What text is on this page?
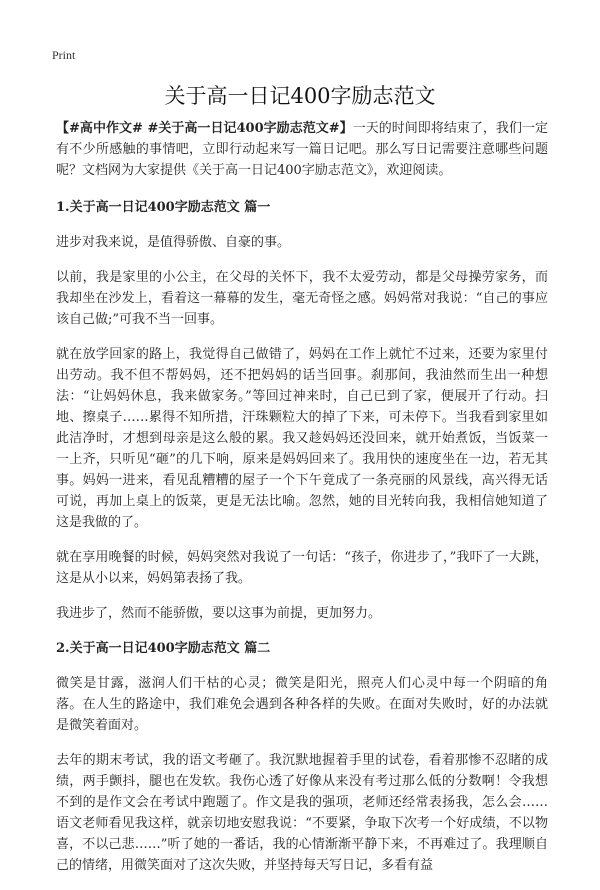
Print
关于高一日记400字励志范文

【#高中作文# #关于高一日记400字励志范文#】一天的时间即将结束了，我们一定有不少所感触的事情吧，立即行动起来写一篇日记吧。那么写日记需要注意哪些问题呢？文档网为大家提供《关于高一日记400字励志范文》，欢迎阅读。

1.关于高一日记400字励志范文 篇一

进步对我来说，是值得骄傲、自豪的事。

以前，我是家里的小公主，在父母的关怀下，我不太爱劳动，都是父母操劳家务，而我却坐在沙发上，看着这一幕幕的发生，毫无奇怪之感。妈妈常对我说：“自己的事应该自己做;”可我不当一回事。

就在放学回家的路上，我觉得自己做错了，妈妈在工作上就忙不过来，还要为家里付出劳动。我不但不帮妈妈，还不把妈妈的话当回事。刹那间，我油然而生出一种想法：“让妈妈休息，我来做家务。”等回过神来时，自己已到了家，便展开了行动。扫地、擦桌子……累得不知所措，汗珠颗粒大的掉了下来，可未停下。当我看到家里如此洁净时，才想到母亲是这么般的累。我又趁妈妈还没回来，就开始煮饭，当饭菜一一上齐，只听见“砸”的几下响，原来是妈妈回来了。我用快的速度坐在一边，若无其事。妈妈一进来，看见乱糟糟的屋子一个下午竟成了一条亮丽的风景线，高兴得无话可说，再加上桌上的饭菜，更是无法比喻。忽然，她的目光转向我，我相信她知道了这是我做的了。

就在享用晚餐的时候，妈妈突然对我说了一句话：“孩子，你进步了，”我吓了一大跳，这是从小以来，妈妈第表扬了我。

我进步了，然而不能骄傲，要以这事为前提，更加努力。

2.关于高一日记400字励志范文 篇二

微笑是甘露，滋润人们干枯的心灵；微笑是阳光，照亮人们心灵中每一个阴暗的角落。在人生的路途中，我们难免会遇到各种各样的失败。在面对失败时，好的办法就是微笑着面对。

去年的期末考试，我的语文考砸了。我沉默地握着手里的试卷，看着那惨不忍睹的成绩，两手颤抖，腿也在发软。我伤心透了好像从来没有考过那么低的分数啊！令我想不到的是作文会在考试中跑题了。作文是我的强项，老师还经常表扬我，怎么会……语文老师看见我这样，就亲切地安慰我说：“不要紧，争取下次考一个好成绩，不以物喜，不以己悲……”听了她的一番话，我的心情渐渐平静下来，不再难过了。我理顺自己的情绪，用微笑面对了这次失败，并坚持每天写日记，多看有益
